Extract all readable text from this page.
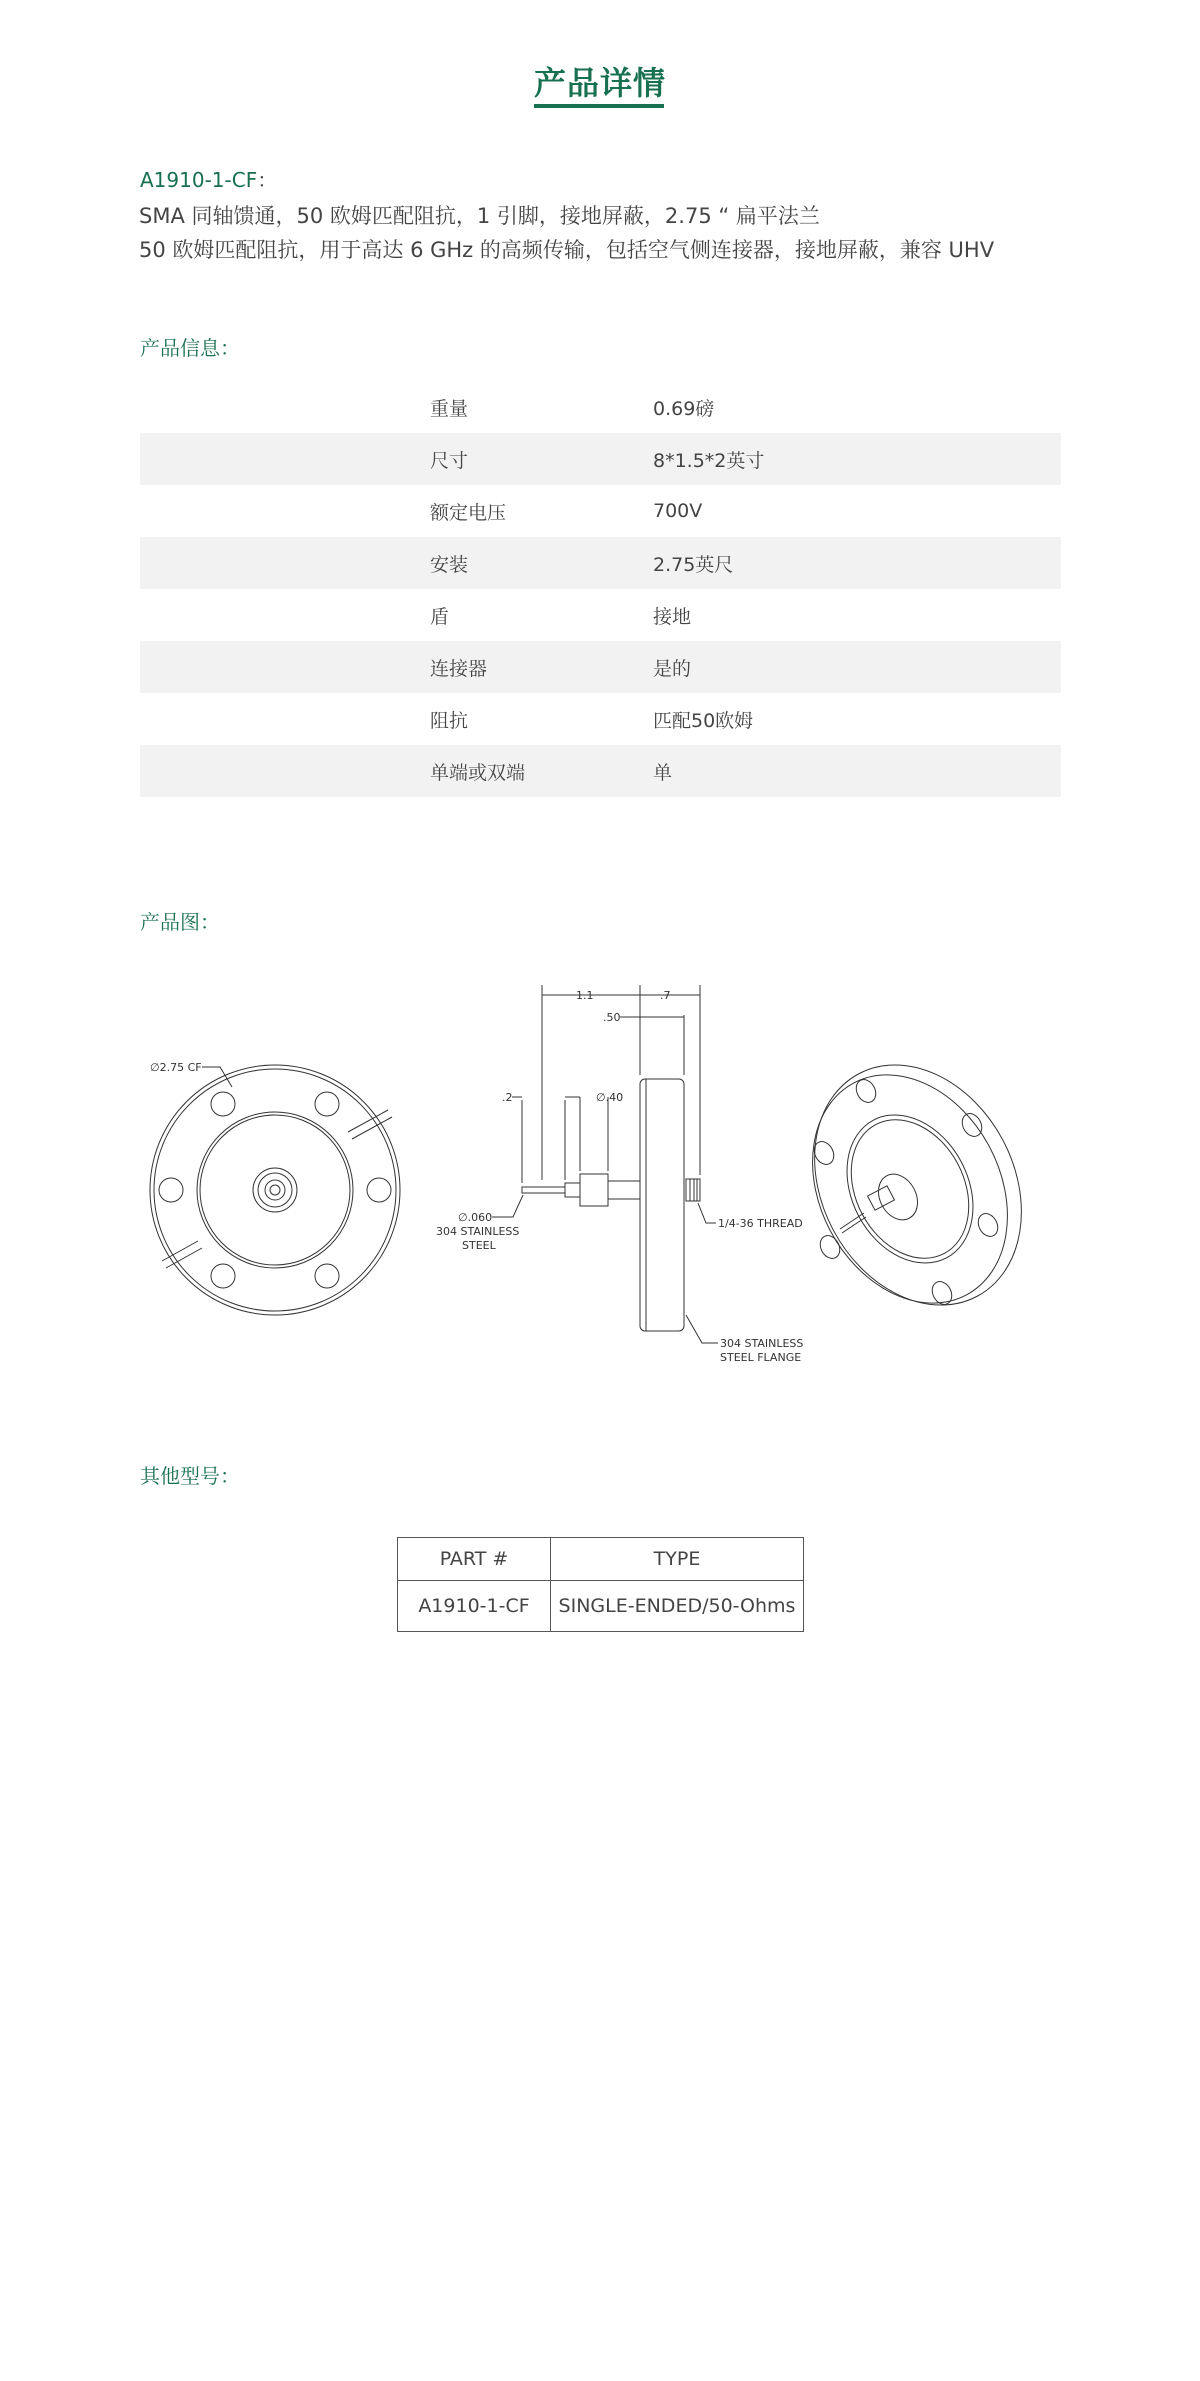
产品详情
A1910-1-CF：
SMA 同轴馈通，50 欧姆匹配阻抗，1 引脚，接地屏蔽，2.75 “ 扁平法兰
50 欧姆匹配阻抗，用于高达 6 GHz 的高频传输，包括空气侧连接器，接地屏蔽，兼容 UHV
产品信息：
重量	0.69磅
尺寸	8*1.5*2英寸
额定电压	700V
安装	2.75英尺
盾	接地
连接器	是的
阻抗	匹配50欧姆
单端或双端	单
产品图：
∅2.75 CF
1.1	.7
.50
.2	∅.40
∅.060
304 STAINLESS
STEEL
1/4-36 THREAD
304 STAINLESS
STEEL FLANGE
其他型号：
PART #	TYPE
A1910-1-CF	SINGLE-ENDED/50-Ohms
